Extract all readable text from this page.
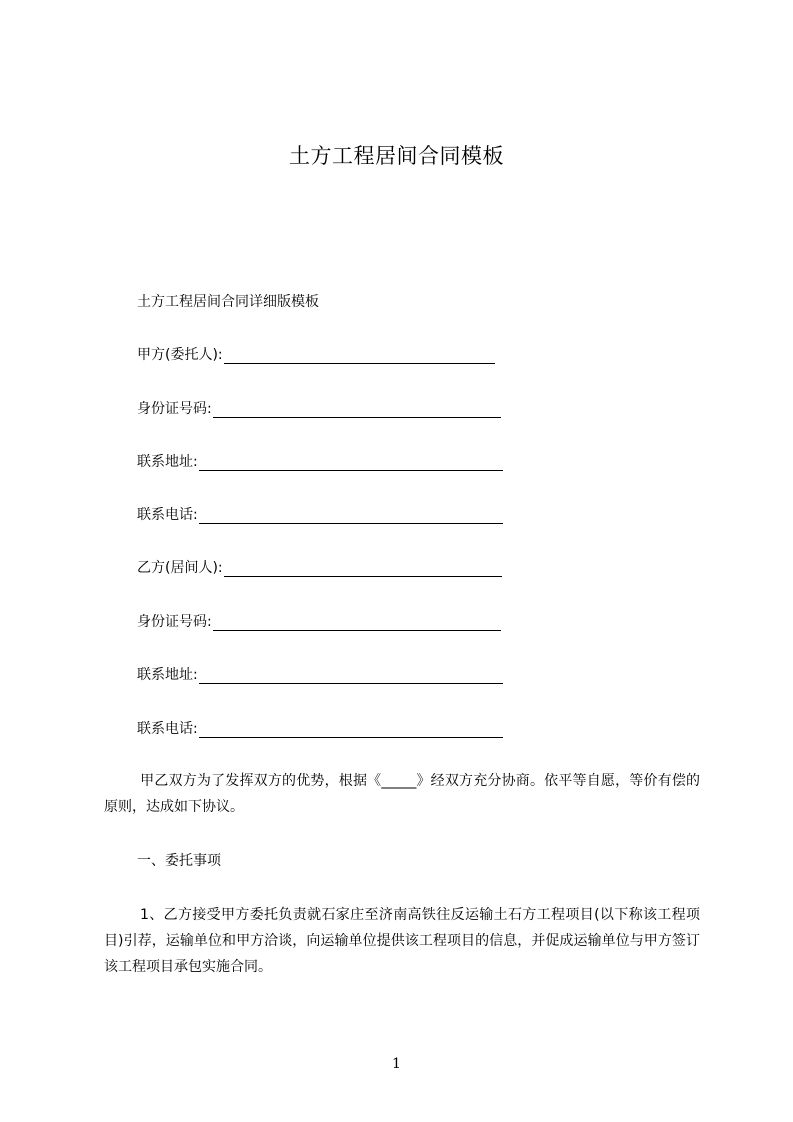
土方工程居间合同模板
土方工程居间合同详细版模板
甲方(委托人):
身份证号码:
联系地址:
联系电话:
乙方(居间人):
身份证号码:
联系地址:
联系电话:
甲乙双方为了发挥双方的优势，根据《_____》经双方充分协商。依平等自愿，等价有偿的原则，达成如下协议。
一、委托事项
1、乙方接受甲方委托负责就石家庄至济南高铁往反运输土石方工程项目(以下称该工程项目)引荐，运输单位和甲方洽谈，向运输单位提供该工程项目的信息，并促成运输单位与甲方签订该工程项目承包实施合同。
1
